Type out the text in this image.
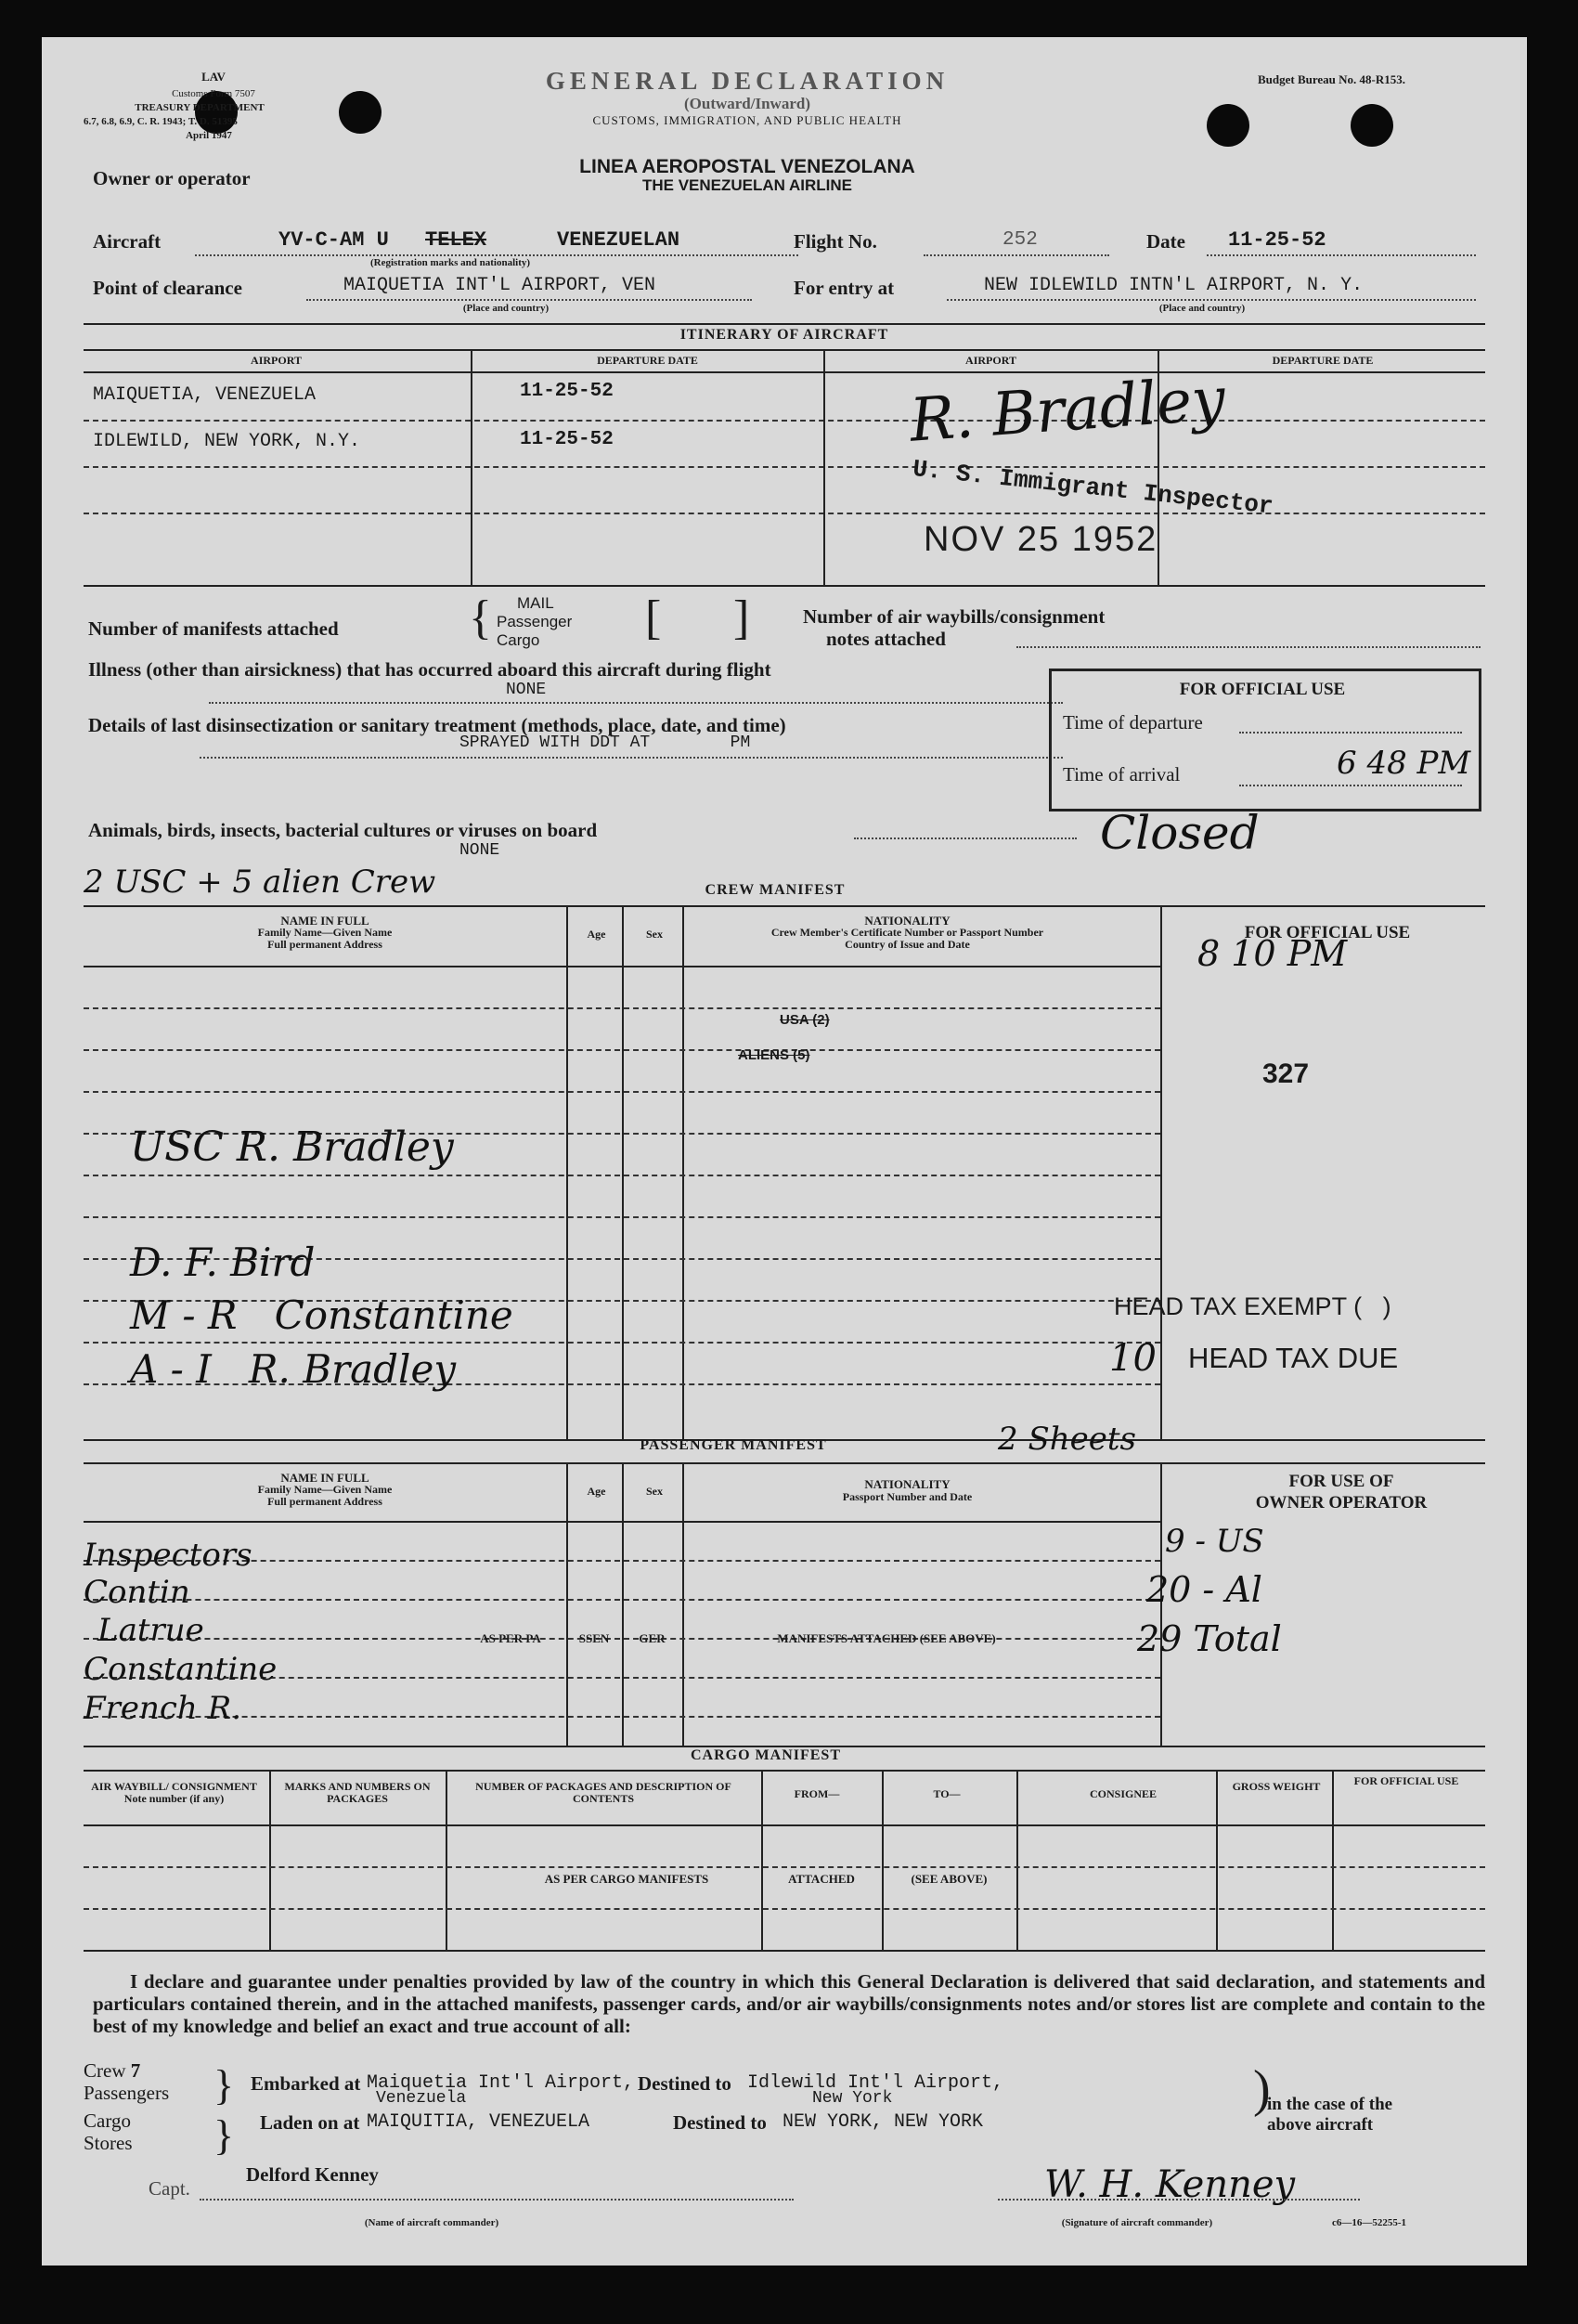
LAV
Customs Form 7507
TREASURY DEPARTMENT
6.7, 6.8, 6.9, C. R. 1943; T. D. 51395
April 1947
GENERAL DECLARATION
(Outward/Inward)
CUSTOMS, IMMIGRATION, AND PUBLIC HEALTH
Budget Bureau No. 48-R153.
Owner or operator
LINEA AEROPOSTAL VENEZOLANA
THE VENEZUELAN AIRLINE
Aircraft	YV-C-AM U TELEX	VENEZUELAN
(Registration marks and nationality)
Flight No.	252	Date 11-25-52
Point of clearance	MAIQUETIA INT'L AIRPORT, VEN
(Place and country)
For entry at	NEW IDLEWILD INTN'L AIRPORT, N. Y.
(Place and country)
ITINERARY OF AIRCRAFT
AIRPORT	DEPARTURE DATE	AIRPORT	DEPARTURE DATE
MAIQUETIA, VENEZUELA	11-25-52
IDLEWILD, NEW YORK, N.Y.	11-25-52	R. Bradley
U. S. Immigrant Inspector
NOV 25 1952
Number of manifests attached	{	MAIL
Passenger
Cargo	[ ]	Number of air waybills/consignment
notes attached
Illness (other than airsickness) that has occurred aboard this aircraft during flight
NONE
Details of last disinsectization or sanitary treatment (methods, place, date, and time)
SPRAYED WITH DDT AT        PM
FOR OFFICIAL USE
Time of departure
Time of arrival	6 48 PM
Animals, birds, insects, bacterial cultures or viruses on board
NONE	Closed
2 USC + 5 alien Crew	CREW MANIFEST
NAME IN FULL
Family Name—Given Name
Full permanent Address
Age	Sex
NATIONALITY
Crew Member's Certificate Number or Passport Number
Country of Issue and Date
FOR OFFICIAL USE
USA (2)
ALIENS (5)
8 10 PM
327
USC R. Bradley
D. F. Bird
M - R   Constantine
A - I   R. Bradley
HEAD TAX EXEMPT (   )
10 HEAD TAX DUE
PASSENGER MANIFEST	2 Sheets
NAME IN FULL
Family Name—Given Name
Full permanent Address
Age	Sex	NATIONALITY
Passport Number and Date
FOR USE OF
OWNER OPERATOR
AS PER PA	SSEN	GER	MANIFESTS ATTACHED (SEE ABOVE)
Inspectors
Contin
Latrue
Constantine
French R.
9 - US
20 - Al
29 Total
CARGO MANIFEST
AIR WAYBILL/ CONSIGNMENT Note number (if any)
MARKS AND NUMBERS ON PACKAGES
NUMBER OF PACKAGES AND DESCRIPTION OF CONTENTS	FROM—	TO—	CONSIGNEE
GROSS WEIGHT	FOR OFFICIAL USE
AS PER CARGO MANIFESTS	ATTACHED	(SEE ABOVE)
I declare and guarantee under penalties provided by law of the country in which this General Declaration is delivered that said declaration, and statements and particulars contained therein, and in the attached manifests, passenger cards, and/or air waybills/consignments notes and/or stores list are complete and contain to the best of my knowledge and belief an exact and true account of all:
Crew 7
Passengers
Cargo
Stores
}
}
Embarked at Maiquetia Int'l Airport,
Venezuela
Destined to Idlewild Int'l Airport,
New York
Laden on at MAIQUITIA, VENEZUELA	Destined to NEW YORK, NEW YORK
)
in the case of the
above aircraft
Capt.
Delford Kenney
(Name of aircraft commander)
W. H. Kenney
(Signature of aircraft commander)	c6—16—52255-1
